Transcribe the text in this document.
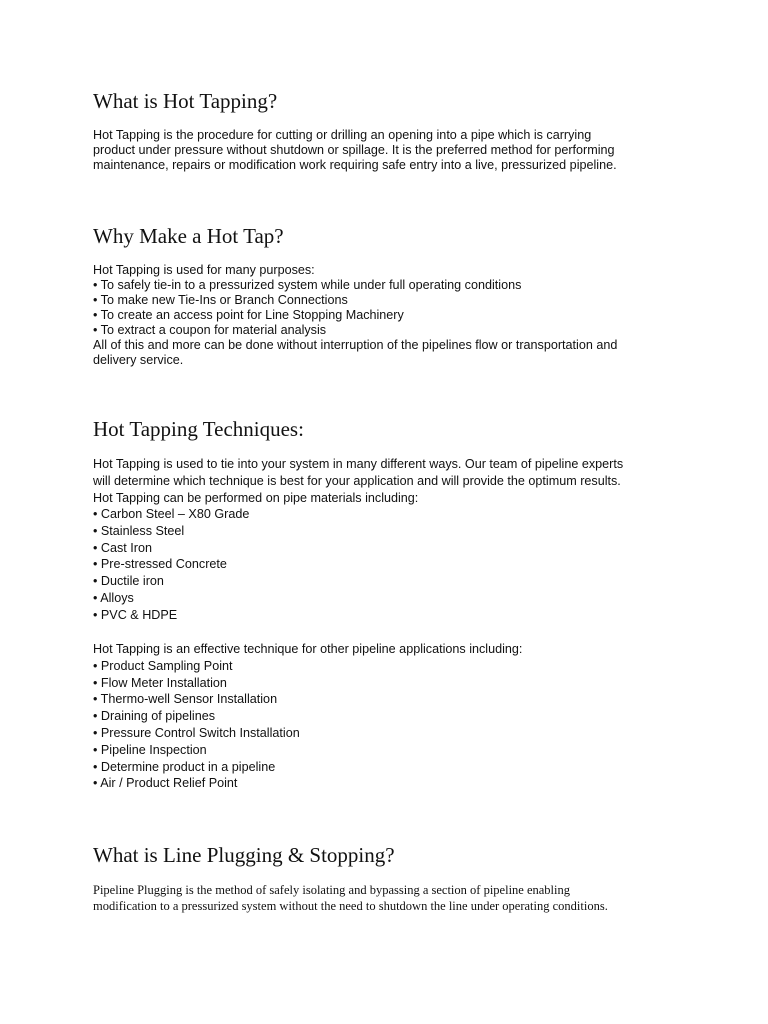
What is Hot Tapping?
Hot Tapping is the procedure for cutting or drilling an opening into a pipe which is carrying
product under pressure without shutdown or spillage. It is the preferred method for performing
maintenance, repairs or modification work requiring safe entry into a live, pressurized pipeline.
Why Make a Hot Tap?
Hot Tapping is used for many purposes:
• To safely tie-in to a pressurized system while under full operating conditions
• To make new Tie-Ins or Branch Connections
• To create an access point for Line Stopping Machinery
• To extract a coupon for material analysis
All of this and more can be done without interruption of the pipelines flow or transportation and
delivery service.
Hot Tapping Techniques:
Hot Tapping is used to tie into your system in many different ways. Our team of pipeline experts
will determine which technique is best for your application and will provide the optimum results.
Hot Tapping can be performed on pipe materials including:
• Carbon Steel – X80 Grade
• Stainless Steel
• Cast Iron
• Pre-stressed Concrete
• Ductile iron
• Alloys
• PVC & HDPE
Hot Tapping is an effective technique for other pipeline applications including:
• Product Sampling Point
• Flow Meter Installation
• Thermo-well Sensor Installation
• Draining of pipelines
• Pressure Control Switch Installation
• Pipeline Inspection
• Determine product in a pipeline
• Air / Product Relief Point
What is Line Plugging & Stopping?
Pipeline Plugging is the method of safely isolating and bypassing a section of pipeline enabling
modification to a pressurized system without the need to shutdown the line under operating conditions.
